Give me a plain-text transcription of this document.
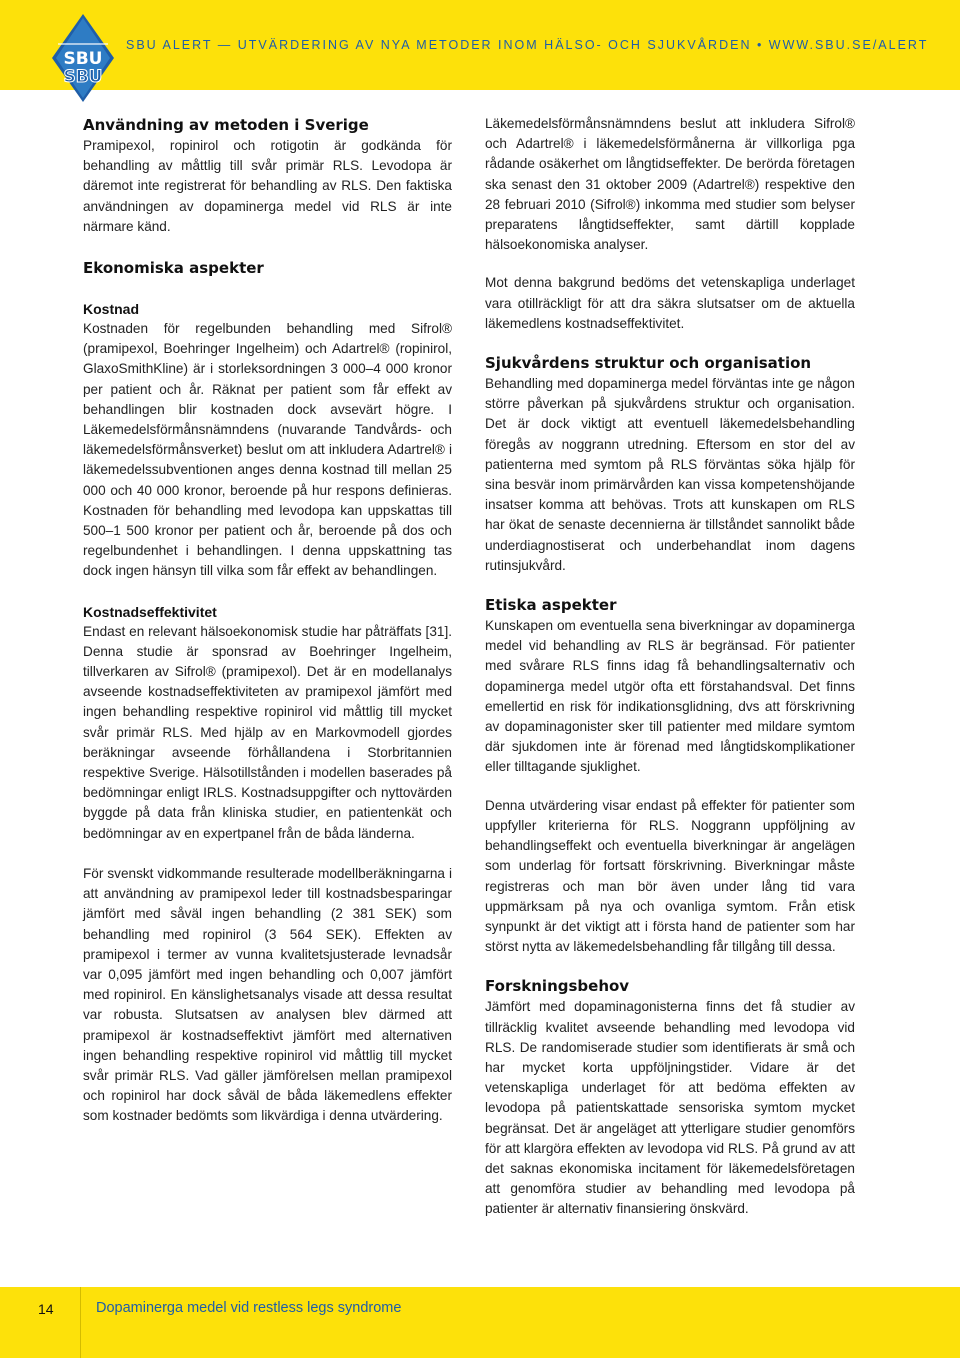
SBU
SBU
SBU ALERT — UTVÄRDERING AV NYA METODER INOM HÄLSO- OCH SJUKVÅRDEN • WWW.SBU.SE/ALERT
Användning av metoden i Sverige

Pramipexol, ropinirol och rotigotin är godkända för behandling av måttlig till svår primär RLS. Levodopa är däremot inte registrerat för behandling av RLS. Den faktiska användningen av dopaminerga medel vid RLS är inte närmare känd.

Ekonomiska aspekter
Kostnad

Kostnaden för regelbunden behandling med Sifrol® (pramipexol, Boehringer Ingelheim) och Adartrel® (ropinirol, GlaxoSmithKline) är i storleksordningen 3 000–4 000 kronor per patient och år. Räknat per patient som får effekt av behandlingen blir kostnaden dock avsevärt högre. I Läkemedelsförmånsnämndens (nuvarande Tandvårds- och läkemedelsförmånsverket) beslut om att inkludera Adartrel® i läkemedelssubventionen anges denna kostnad till mellan 25 000 och 40 000 kronor, beroende på hur respons definieras. Kostnaden för behandling med levodopa kan uppskattas till 500–1 500 kronor per patient och år, beroende på dos och regelbundenhet i behandlingen. I denna uppskattning tas dock ingen hänsyn till vilka som får effekt av behandlingen.

Kostnadseffektivitet

Endast en relevant hälsoekonomisk studie har påträffats [31]. Denna studie är sponsrad av Boehringer Ingelheim, tillverkaren av Sifrol® (pramipexol). Det är en modellanalys avseende kostnadseffektiviteten av pramipexol jämfört med ingen behandling respektive ropinirol vid måttlig till mycket svår primär RLS. Med hjälp av en Markovmodell gjordes beräkningar avseende förhållandena i Storbritannien respektive Sverige. Hälsotillstånden i modellen baserades på bedömningar enligt IRLS. Kostnadsuppgifter och nyttovärden byggde på data från kliniska studier, en patientenkät och bedömningar av en expertpanel från de båda länderna.

För svenskt vidkommande resulterade modellberäkningarna i att användning av pramipexol leder till kostnadsbesparingar jämfört med såväl ingen behandling (2 381 SEK) som behandling med ropinirol (3 564 SEK). Effekten av pramipexol i termer av vunna kvalitetsjusterade levnadsår var 0,095 jämfört med ingen behandling och 0,007 jämfört med ropinirol. En känslighetsanalys visade att dessa resultat var robusta. Slutsatsen av analysen blev därmed att pramipexol är kostnadseffektivt jämfört med alternativen ingen behandling respektive ropinirol vid måttlig till mycket svår primär RLS. Vad gäller jämförelsen mellan pramipexol och ropinirol har dock såväl de båda läkemedlens effekter som kostnader bedömts som likvärdiga i denna utvärdering.

Läkemedelsförmånsnämndens beslut att inkludera Sifrol® och Adartrel® i läkemedelsförmånerna är villkorliga pga rådande osäkerhet om långtidseffekter. De berörda företagen ska senast den 31 oktober 2009 (Adartrel®) respektive den 28 februari 2010 (Sifrol®) inkomma med studier som belyser preparatens långtidseffekter, samt därtill kopplade hälsoekonomiska analyser.

Mot denna bakgrund bedöms det vetenskapliga underlaget vara otillräckligt för att dra säkra slutsatser om de aktuella läkemedlens kostnadseffektivitet.

Sjukvårdens struktur och organisation

Behandling med dopaminerga medel förväntas inte ge någon större påverkan på sjukvårdens struktur och organisation. Det är dock viktigt att eventuell läkemedelsbehandling föregås av noggrann utredning. Eftersom en stor del av patienterna med symtom på RLS förväntas söka hjälp för sina besvär inom primärvården kan vissa kompetenshöjande insatser komma att behövas. Trots att kunskapen om RLS har ökat de senaste decennierna är tillståndet sannolikt både underdiagnostiserat och underbehandlat inom dagens rutinsjukvård.

Etiska aspekter

Kunskapen om eventuella sena biverkningar av dopaminerga medel vid behandling av RLS är begränsad. För patienter med svårare RLS finns idag få behandlingsalternativ och dopaminerga medel utgör ofta ett förstahandsval. Det finns emellertid en risk för indikationsglidning, dvs att förskrivning av dopaminagonister sker till patienter med mildare symtom där sjukdomen inte är förenad med långtidskomplikationer eller tilltagande sjuklighet.

Denna utvärdering visar endast på effekter för patienter som uppfyller kriterierna för RLS. Noggrann uppföljning av behandlingseffekt och eventuella biverkningar är angelägen som underlag för fortsatt förskrivning. Biverkningar måste registreras och man bör även under lång tid vara uppmärksam på nya och ovanliga symtom. Från etisk synpunkt är det viktigt att i första hand de patienter som har störst nytta av läkemedelsbehandling får tillgång till dessa.

Forskningsbehov

Jämfört med dopaminagonisterna finns det få studier av tillräcklig kvalitet avseende behandling med levodopa vid RLS. De randomiserade studier som identifierats är små och har mycket korta uppföljningstider. Vidare är det vetenskapliga underlaget för att bedöma effekten av levodopa på patientskattade sensoriska symtom mycket begränsat. Det är angeläget att ytterligare studier genomförs för att klargöra effekten av levodopa vid RLS. På grund av att det saknas ekonomiska incitament för läkemedelsföretagen att genomföra studier av behandling med levodopa på patienter är alternativ finansiering önskvärd.

14	Dopaminerga medel vid restless legs syndrome
